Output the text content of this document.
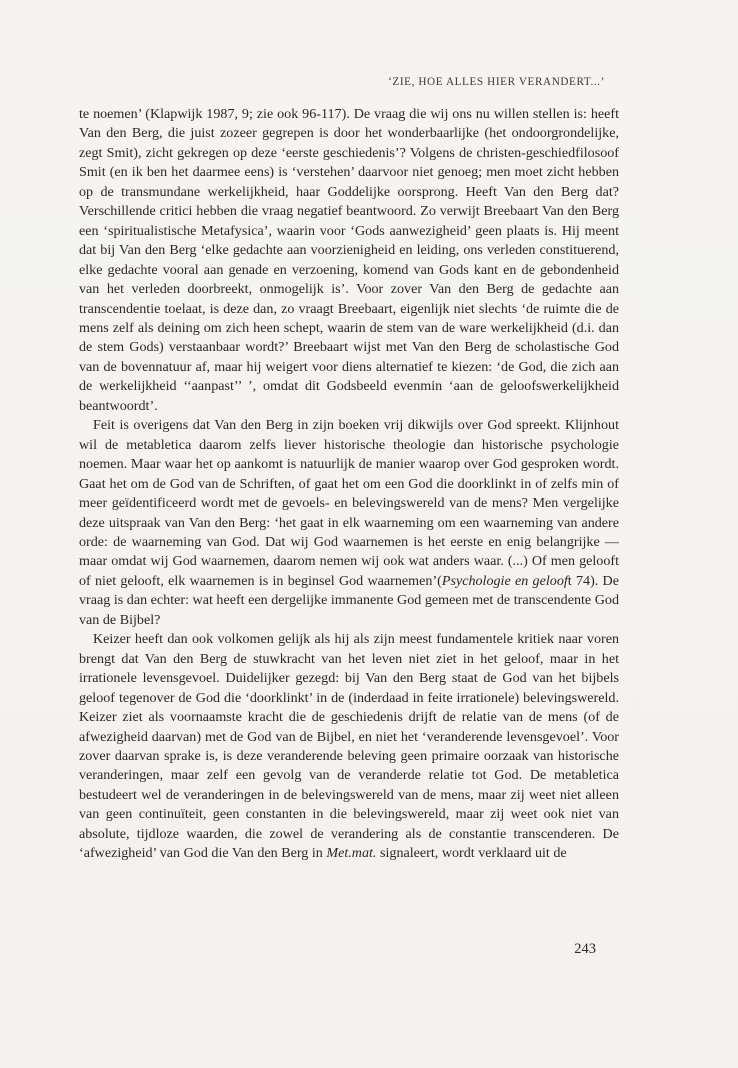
‘ZIE, HOE ALLES HIER VERANDERT...’

te noemen’ (Klapwijk 1987, 9; zie ook 96-117). De vraag die wij ons nu willen stellen is: heeft Van den Berg, die juist zozeer gegrepen is door het wonderbaarlijke (het ondoorgrondelijke, zegt Smit), zicht gekregen op deze ‘eerste geschiedenis’? Volgens de christen-geschiedfilosoof Smit (en ik ben het daarmee eens) is ‘verstehen’ daarvoor niet genoeg; men moet zicht hebben op de transmundane werkelijkheid, haar Goddelijke oorsprong. Heeft Van den Berg dat? Verschillende critici hebben die vraag negatief beantwoord. Zo verwijt Breebaart Van den Berg een ‘spiritualistische Metafysica’, waarin voor ‘Gods aanwezigheid’ geen plaats is. Hij meent dat bij Van den Berg ‘elke gedachte aan voorzienigheid en leiding, ons verleden constituerend, elke gedachte vooral aan genade en verzoening, komend van Gods kant en de gebondenheid van het verleden doorbreekt, onmogelijk is’. Voor zover Van den Berg de gedachte aan transcendentie toelaat, is deze dan, zo vraagt Breebaart, eigenlijk niet slechts ‘de ruimte die de mens zelf als deining om zich heen schept, waarin de stem van de ware werkelijkheid (d.i. dan de stem Gods) verstaanbaar wordt?’ Breebaart wijst met Van den Berg de scholastische God van de bovennatuur af, maar hij weigert voor diens alternatief te kiezen: ‘de God, die zich aan de werkelijkheid ‘‘aanpast’’ ’, omdat dit Godsbeeld evenmin ‘aan de geloofswerkelijkheid beantwoordt’.

Feit is overigens dat Van den Berg in zijn boeken vrij dikwijls over God spreekt. Klijnhout wil de metabletica daarom zelfs liever historische theologie dan historische psychologie noemen. Maar waar het op aankomt is natuurlijk de manier waarop over God gesproken wordt. Gaat het om de God van de Schriften, of gaat het om een God die doorklinkt in of zelfs min of meer geïdentificeerd wordt met de gevoels- en belevingswereld van de mens? Men vergelijke deze uitspraak van Van den Berg: ‘het gaat in elk waarneming om een waarneming van andere orde: de waarneming van God. Dat wij God waarnemen is het eerste en enig belangrijke — maar omdat wij God waarnemen, daarom nemen wij ook wat anders waar. (...) Of men gelooft of niet gelooft, elk waarnemen is in beginsel God waarnemen’(Psychologie en gelooft 74). De vraag is dan echter: wat heeft een dergelijke immanente God gemeen met de transcendente God van de Bijbel?

Keizer heeft dan ook volkomen gelijk als hij als zijn meest fundamentele kritiek naar voren brengt dat Van den Berg de stuwkracht van het leven niet ziet in het geloof, maar in het irrationele levensgevoel. Duidelijker gezegd: bij Van den Berg staat de God van het bijbels geloof tegenover de God die ‘doorklinkt’ in de (inderdaad in feite irrationele) belevingswereld. Keizer ziet als voornaamste kracht die de geschiedenis drijft de relatie van de mens (of de afwezigheid daarvan) met de God van de Bijbel, en niet het ‘veranderende levensgevoel’. Voor zover daarvan sprake is, is deze veranderende beleving geen primaire oorzaak van historische veranderingen, maar zelf een gevolg van de veranderde relatie tot God. De metabletica bestudeert wel de veranderingen in de belevingswereld van de mens, maar zij weet niet alleen van geen continuïteit, geen constanten in die belevingswereld, maar zij weet ook niet van absolute, tijdloze waarden, die zowel de verandering als de constantie transcenderen. De ‘afwezigheid’ van God die Van den Berg in Met.mat. signaleert, wordt verklaard uit de

243
